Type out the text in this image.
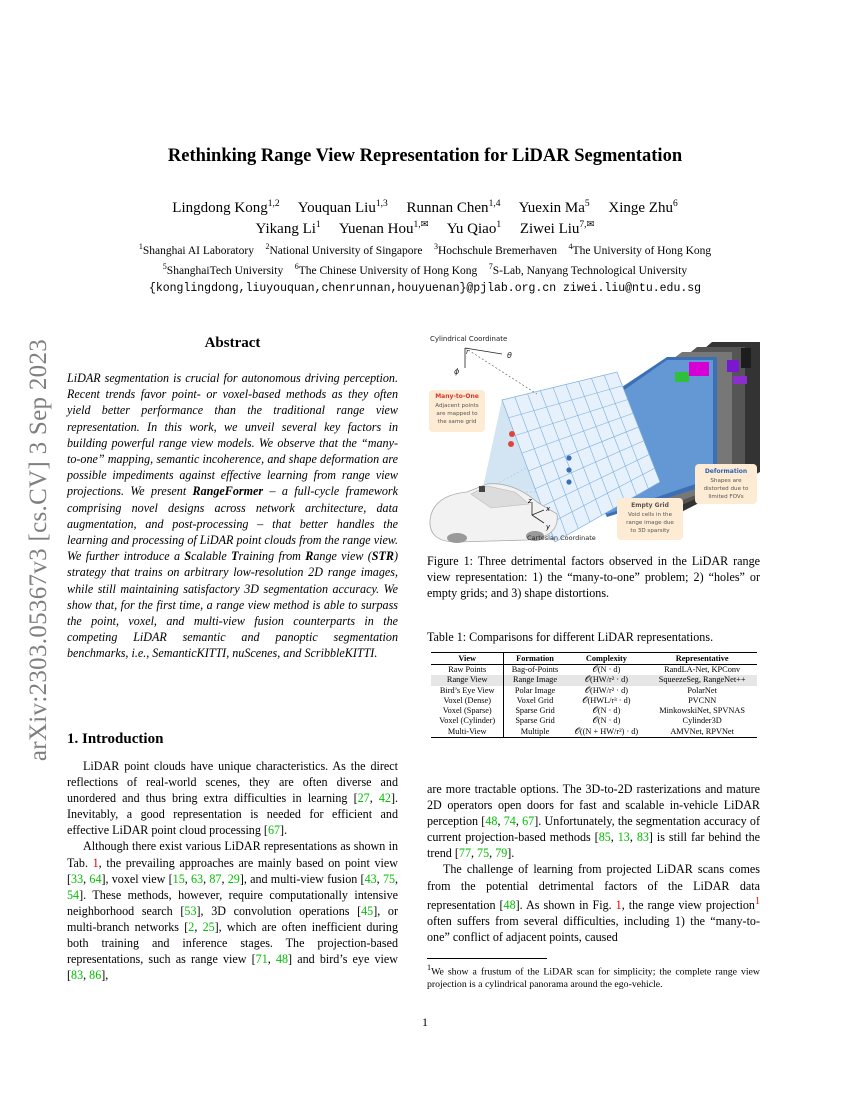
arXiv:2303.05367v3 [cs.CV] 3 Sep 2023
Rethinking Range View Representation for LiDAR Segmentation
Lingdong Kong$^{1,2}$ Youquan Liu$^{1,3}$ Runnan Chen$^{1,4}$ Yuexin Ma$^5$ Xinge Zhu$^6$
Yikang Li$^1$ Yuenan Hou$^{1,✉}$ Yu Qiao$^1$ Ziwei Liu$^{7,✉}$
$^1$Shanghai AI Laboratory $^2$National University of Singapore $^3$Hochschule Bremerhaven $^4$The University of Hong Kong
$^5$ShanghaiTech University $^6$The Chinese University of Hong Kong $^7$S-Lab, Nanyang Technological University
{konglingdong,liuyouquan,chenrunnan,houyuenan}@pjlab.org.cn ziwei.liu@ntu.edu.sg
Abstract
LiDAR segmentation is crucial for autonomous driving perception. Recent trends favor point- or voxel-based methods as they often yield better performance than the traditional range view representation. In this work, we unveil several key factors in building powerful range view models. We observe that the “many-to-one” mapping, semantic incoherence, and shape deformation are possible impediments against effective learning from range view projections. We present RangeFormer – a full-cycle framework comprising novel designs across network architecture, data augmentation, and post-processing – that better handles the learning and processing of LiDAR point clouds from the range view. We further introduce a Scalable Training from Range view (STR) strategy that trains on arbitrary low-resolution 2D range images, while still maintaining satisfactory 3D segmentation accuracy. We show that, for the first time, a range view method is able to surpass the point, voxel, and multi-view fusion counterparts in the competing LiDAR semantic and panoptic segmentation benchmarks, i.e., SemanticKITTI, nuScenes, and ScribbleKITTI.
1. Introduction

LiDAR point clouds have unique characteristics. As the direct reflections of real-world scenes, they are often diverse and unordered and thus bring extra difficulties in learning [27, 42]. Inevitably, a good representation is needed for efficient and effective LiDAR point cloud processing [67].

Although there exist various LiDAR representations as shown in Tab. 1, the prevailing approaches are mainly based on point view [33, 64], voxel view [15, 63, 87, 29], and multi-view fusion [43, 75, 54]. These methods, however, require computationally intensive neighborhood search [53], 3D convolution operations [45], or multi-branch networks [2, 25], which are often inefficient during both training and inference stages. The projection-based representations, such as range view [71, 48] and bird’s eye view [83, 86],

Cylindrical Coordinate
r	θ
ϕ
Many-to-One
Adjacent points
are mapped to
the same grid
Deformation
Shapes are
distorted due to
limited FOVs
Empty Grid
Void cells in the
range image due
to 3D sparsity
z
x
y
Cartesian Coordinate
Figure 1: Three detrimental factors observed in the LiDAR range view representation: 1) the “many-to-one” problem; 2) “holes” or empty grids; and 3) shape distortions.
Table 1: Comparisons for different LiDAR representations.
View	Formation	Complexity	Representative
Raw Points	Bag-of-Points	𝒪(N · d)	RandLA-Net, KPConv
Range View	Range Image	𝒪(HW/r² · d)	SqueezeSeg, RangeNet++
Bird’s Eye View	Polar Image	𝒪(HW/r² · d)	PolarNet
Voxel (Dense)	Voxel Grid	𝒪(HWL/r³ · d)	PVCNN
Voxel (Sparse)	Sparse Grid	𝒪(N · d)	MinkowskiNet, SPVNAS
Voxel (Cylinder)	Sparse Grid	𝒪(N · d)	Cylinder3D
Multi-View	Multiple	𝒪((N + HW/r²) · d)	AMVNet, RPVNet

are more tractable options. The 3D-to-2D rasterizations and mature 2D operators open doors for fast and scalable in-vehicle LiDAR perception [48, 74, 67]. Unfortunately, the segmentation accuracy of current projection-based methods [85, 13, 83] is still far behind the trend [77, 75, 79].

The challenge of learning from projected LiDAR scans comes from the potential detrimental factors of the LiDAR data representation [48]. As shown in Fig. 1, the range view projection$^1$ often suffers from several difficulties, including 1) the “many-to-one” conflict of adjacent points, caused

$^1$We show a frustum of the LiDAR scan for simplicity; the complete range view projection is a cylindrical panorama around the ego-vehicle.
1
